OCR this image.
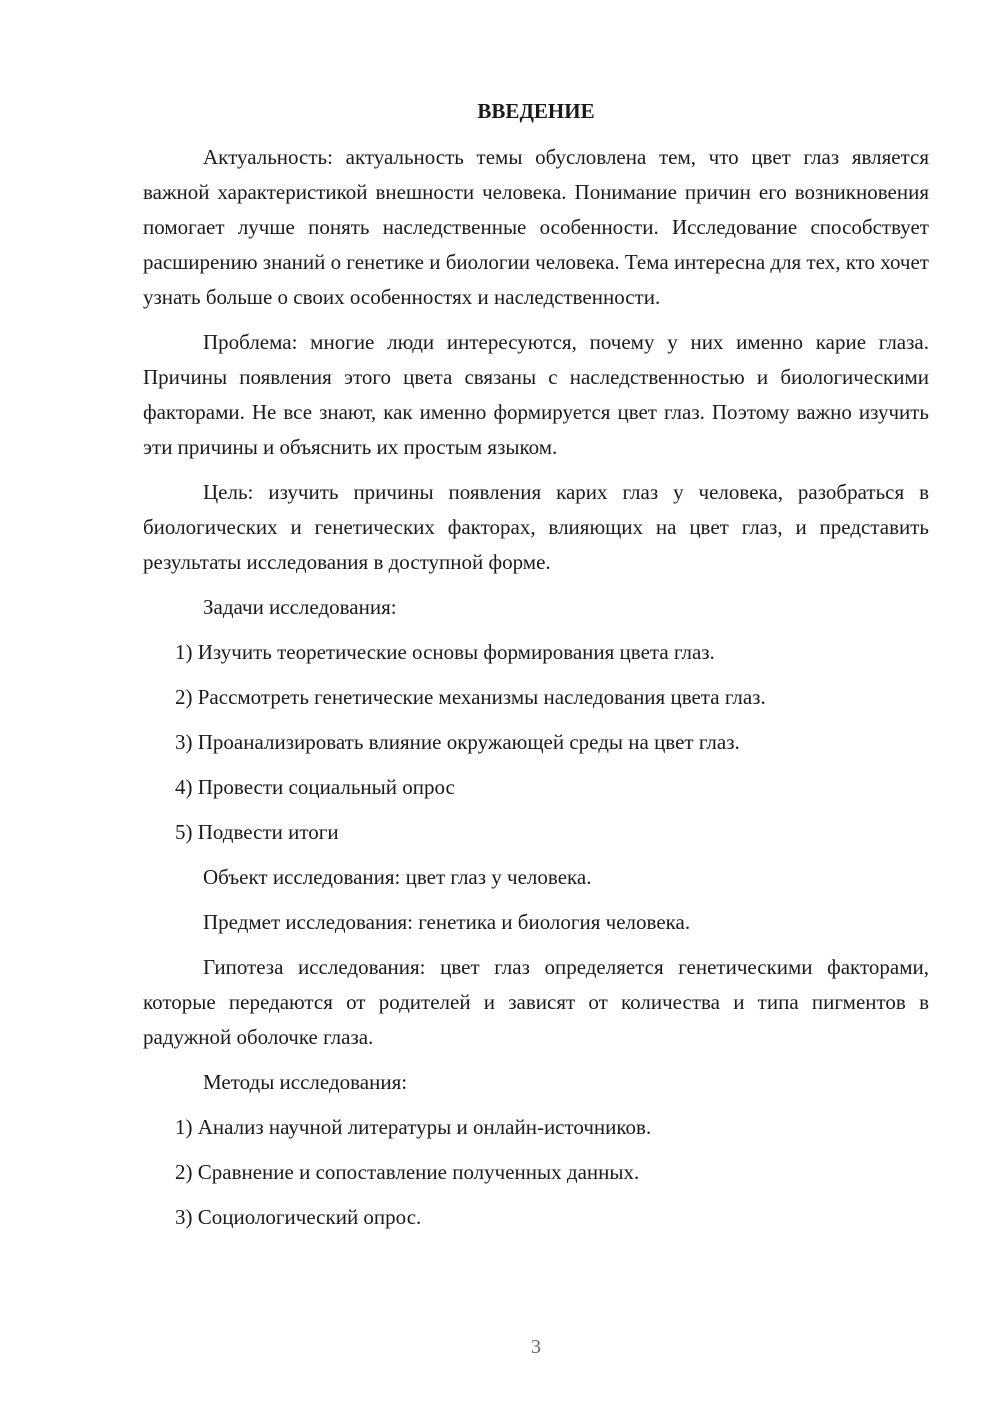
ВВЕДЕНИЕ

Актуальность: актуальность темы обусловлена тем, что цвет глаз является важной характеристикой внешности человека. Понимание причин его возникновения помогает лучше понять наследственные особенности. Исследование способствует расширению знаний о генетике и биологии человека. Тема интересна для тех, кто хочет узнать больше о своих особенностях и наследственности.

Проблема: многие люди интересуются, почему у них именно карие глаза. Причины появления этого цвета связаны с наследственностью и биологическими факторами. Не все знают, как именно формируется цвет глаз. Поэтому важно изучить эти причины и объяснить их простым языком.

Цель: изучить причины появления карих глаз у человека, разобраться в биологических и генетических факторах, влияющих на цвет глаз, и представить результаты исследования в доступной форме.

Задачи исследования:
1) Изучить теоретические основы формирования цвета глаз.
2) Рассмотреть генетические механизмы наследования цвета глаз.
3) Проанализировать влияние окружающей среды на цвет глаз.
4) Провести социальный опрос
5) Подвести итоги
Объект исследования: цвет глаз у человека.
Предмет исследования: генетика и биология человека.

Гипотеза исследования: цвет глаз определяется генетическими факторами, которые передаются от родителей и зависят от количества и типа пигментов в радужной оболочке глаза.

Методы исследования:
1) Анализ научной литературы и онлайн-источников.
2) Сравнение и сопоставление полученных данных.
3) Социологический опрос.
3
